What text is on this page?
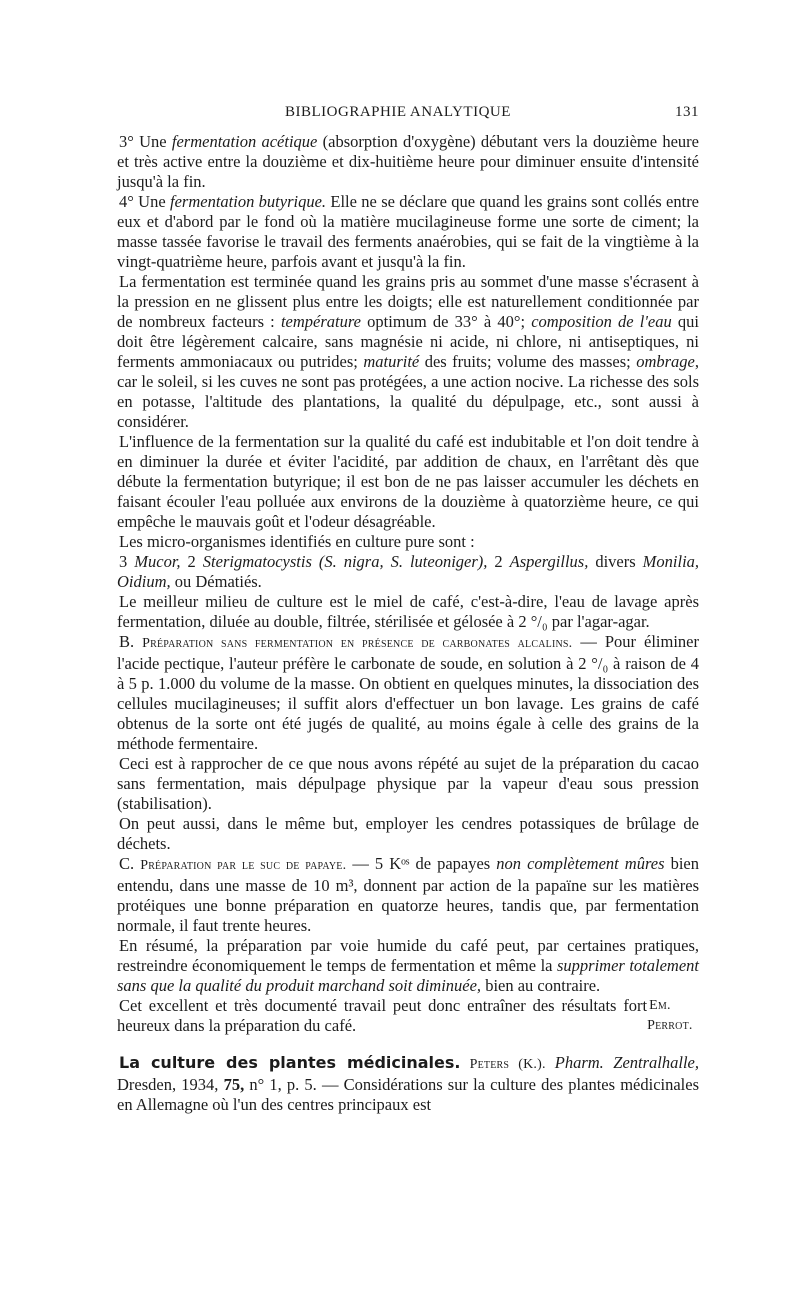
BIBLIOGRAPHIE ANALYTIQUE	131

3° Une fermentation acétique (absorption d'oxygène) débutant vers la douzième heure et très active entre la douzième et dix-huitième heure pour diminuer ensuite d'intensité jusqu'à la fin.

4° Une fermentation butyrique. Elle ne se déclare que quand les grains sont collés entre eux et d'abord par le fond où la matière mucilagineuse forme une sorte de ciment; la masse tassée favorise le travail des ferments anaérobies, qui se fait de la vingtième à la vingt-quatrième heure, parfois avant et jusqu'à la fin.

La fermentation est terminée quand les grains pris au sommet d'une masse s'écrasent à la pression en ne glissent plus entre les doigts; elle est naturellement conditionnée par de nombreux facteurs : température optimum de 33° à 40°; composition de l'eau qui doit être légèrement calcaire, sans magnésie ni acide, ni chlore, ni antiseptiques, ni ferments ammoniacaux ou putrides; maturité des fruits; volume des masses; ombrage, car le soleil, si les cuves ne sont pas protégées, a une action nocive. La richesse des sols en potasse, l'altitude des plantations, la qualité du dépulpage, etc., sont aussi à considérer.

L'influence de la fermentation sur la qualité du café est indubitable et l'on doit tendre à en diminuer la durée et éviter l'acidité, par addition de chaux, en l'arrêtant dès que débute la fermentation butyrique; il est bon de ne pas laisser accumuler les déchets en faisant écouler l'eau polluée aux environs de la douzième à quatorzième heure, ce qui empêche le mauvais goût et l'odeur désagréable.

Les micro-organismes identifiés en culture pure sont :

3 Mucor, 2 Sterigmatocystis (S. nigra, S. luteoniger), 2 Aspergillus, divers Monilia, Oidium, ou Dématiés.

Le meilleur milieu de culture est le miel de café, c'est-à-dire, l'eau de lavage après fermentation, diluée au double, filtrée, stérilisée et gélosée à 2 °/₀ par l'agar-agar.

B. Préparation sans fermentation en présence de carbonates alcalins. — Pour éliminer l'acide pectique, l'auteur préfère le carbonate de soude, en solution à 2 °/₀ à raison de 4 à 5 p. 1.000 du volume de la masse. On obtient en quelques minutes, la dissociation des cellules mucilagineuses; il suffit alors d'effectuer un bon lavage. Les grains de café obtenus de la sorte ont été jugés de qualité, au moins égale à celle des grains de la méthode fermentaire.

Ceci est à rapprocher de ce que nous avons répété au sujet de la préparation du cacao sans fermentation, mais dépulpage physique par la vapeur d'eau sous pression (stabilisation).

On peut aussi, dans le même but, employer les cendres potassiques de brûlage de déchets.

C. Préparation par le suc de papaye. — 5 Kᵒˢ de papayes non complètement mûres bien entendu, dans une masse de 10 m³, donnent par action de la papaïne sur les matières protéiques une bonne préparation en quatorze heures, tandis que, par fermentation normale, il faut trente heures.

En résumé, la préparation par voie humide du café peut, par certaines pratiques, restreindre économiquement le temps de fermentation et même la supprimer totalement sans que la qualité du produit marchand soit diminuée, bien au contraire.

Cet excellent et très documenté travail peut donc entraîner des résultats fort heureux dans la préparation du café.
Em. Perrot.

La culture des plantes médicinales. Peters (K.). Pharm. Zentralhalle, Dresden, 1934, 75, n° 1, p. 5. — Considérations sur la culture des plantes médicinales en Allemagne où l'un des centres principaux est
